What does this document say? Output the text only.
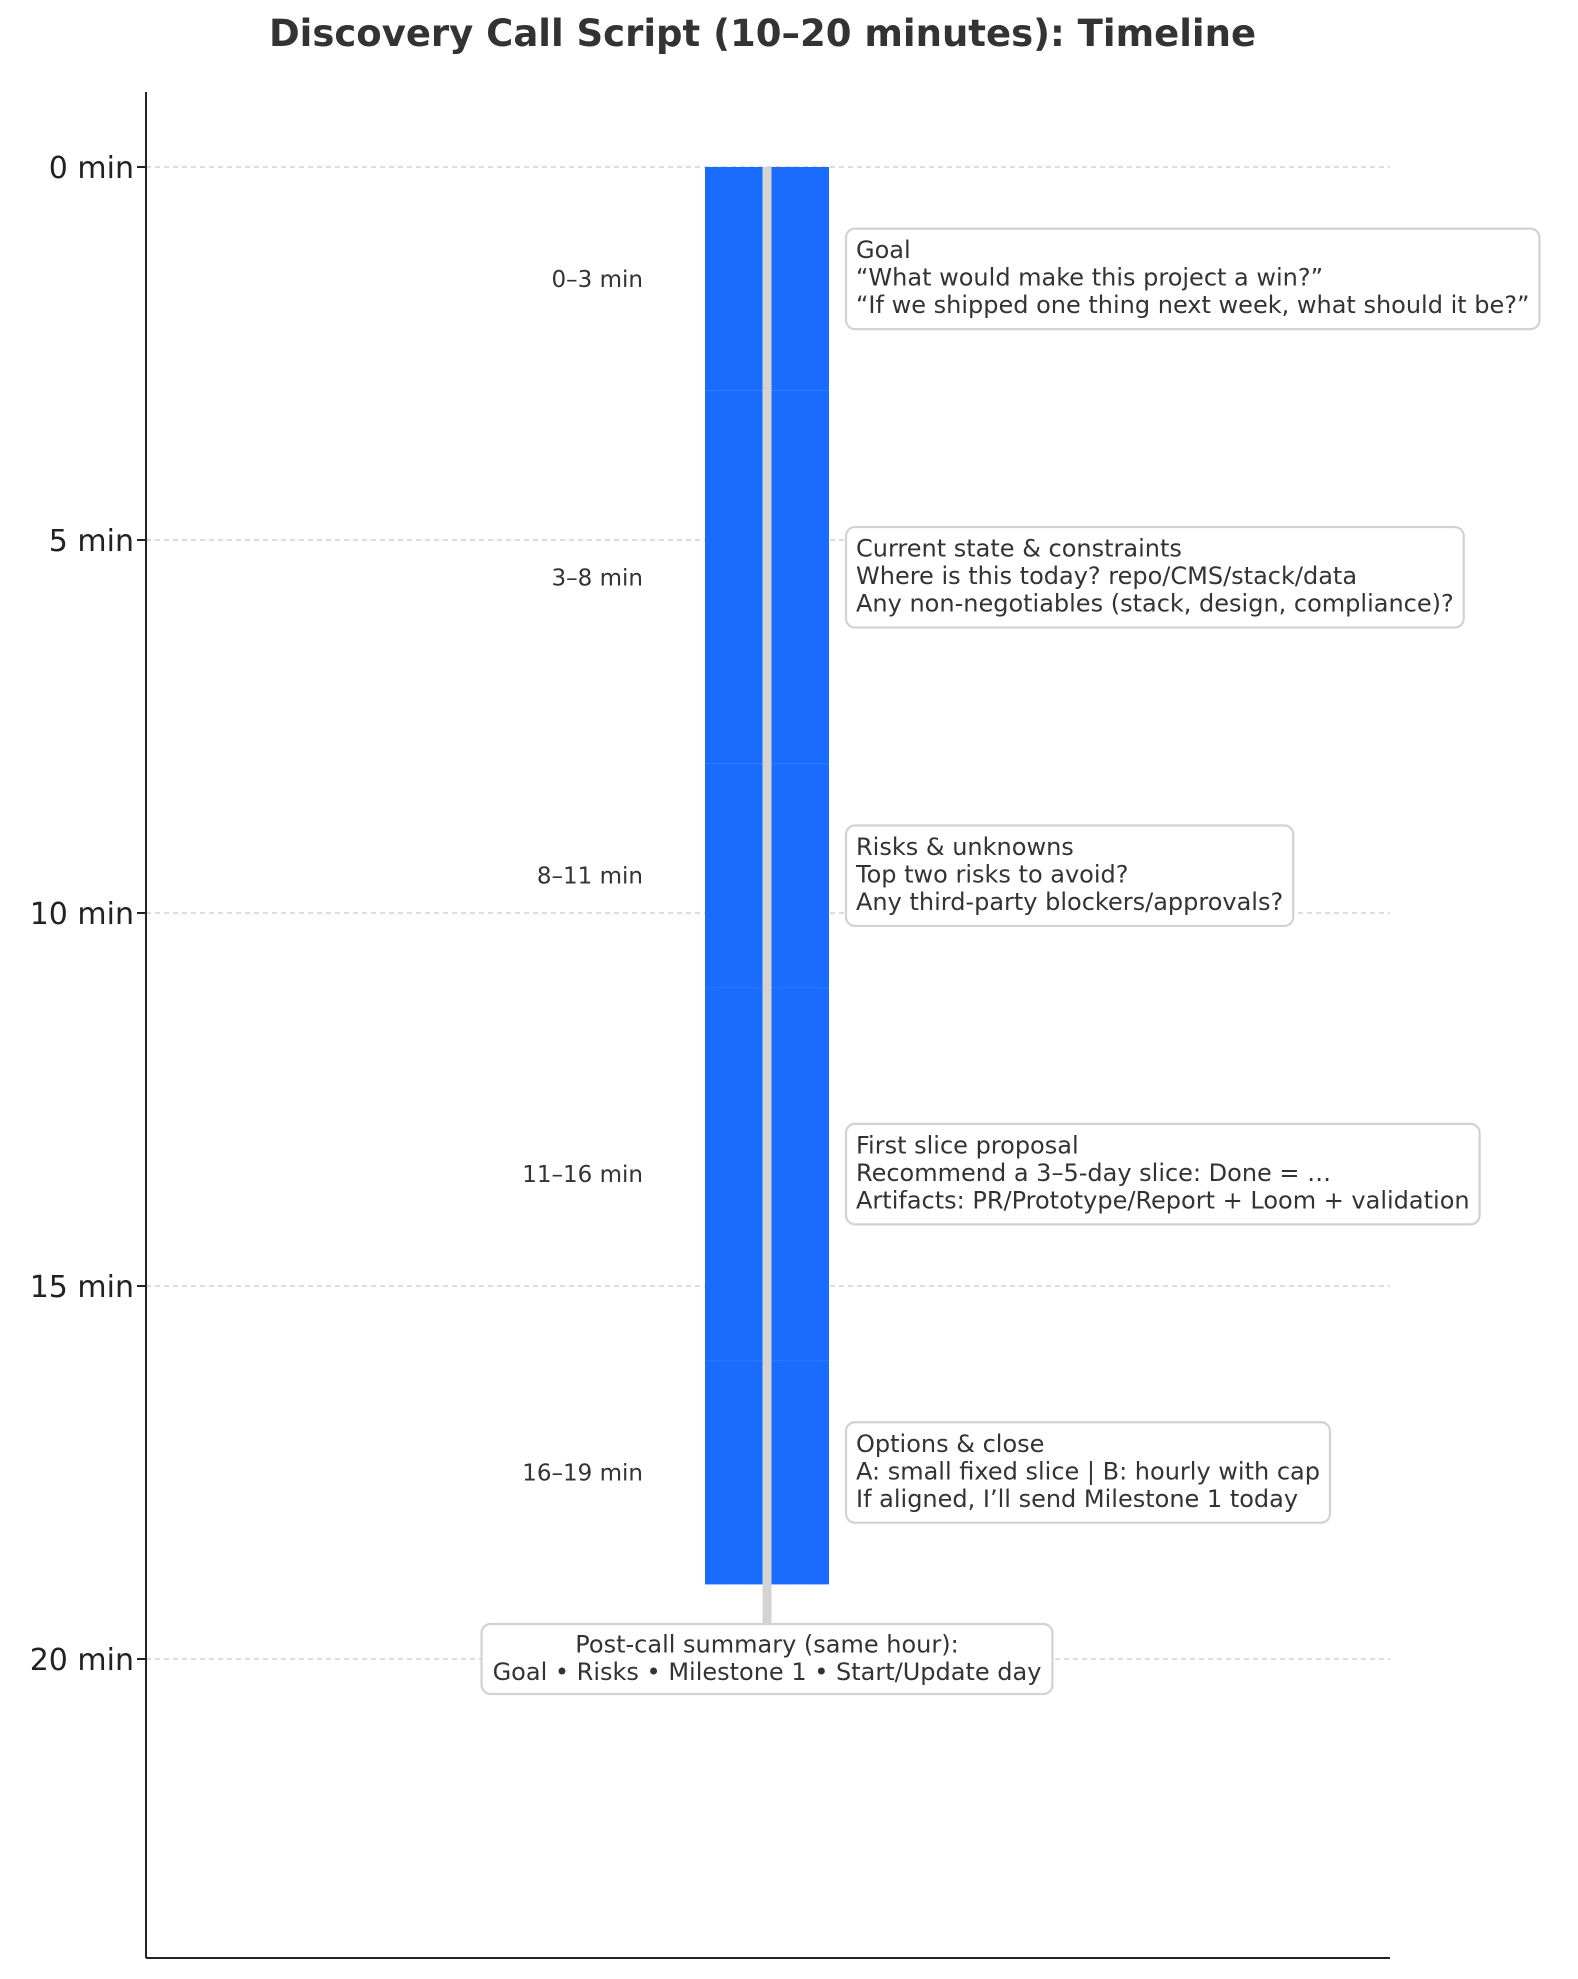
Discovery Call Script (10–20 minutes): Timeline
0 min
5 min
10 min
15 min
20 min
0–3 min
3–8 min
8–11 min
11–16 min
16–19 min
Goal
“What would make this project a win?”
“If we shipped one thing next week, what should it be?”
Current state & constraints
Where is this today? repo/CMS/stack/data
Any non-negotiables (stack, design, compliance)?
Risks & unknowns
Top two risks to avoid?
Any third-party blockers/approvals?
First slice proposal
Recommend a 3–5-day slice: Done = …
Artifacts: PR/Prototype/Report + Loom + validation
Options & close
A: small fixed slice | B: hourly with cap
If aligned, I’ll send Milestone 1 today
Post-call summary (same hour):
Goal • Risks • Milestone 1 • Start/Update day
